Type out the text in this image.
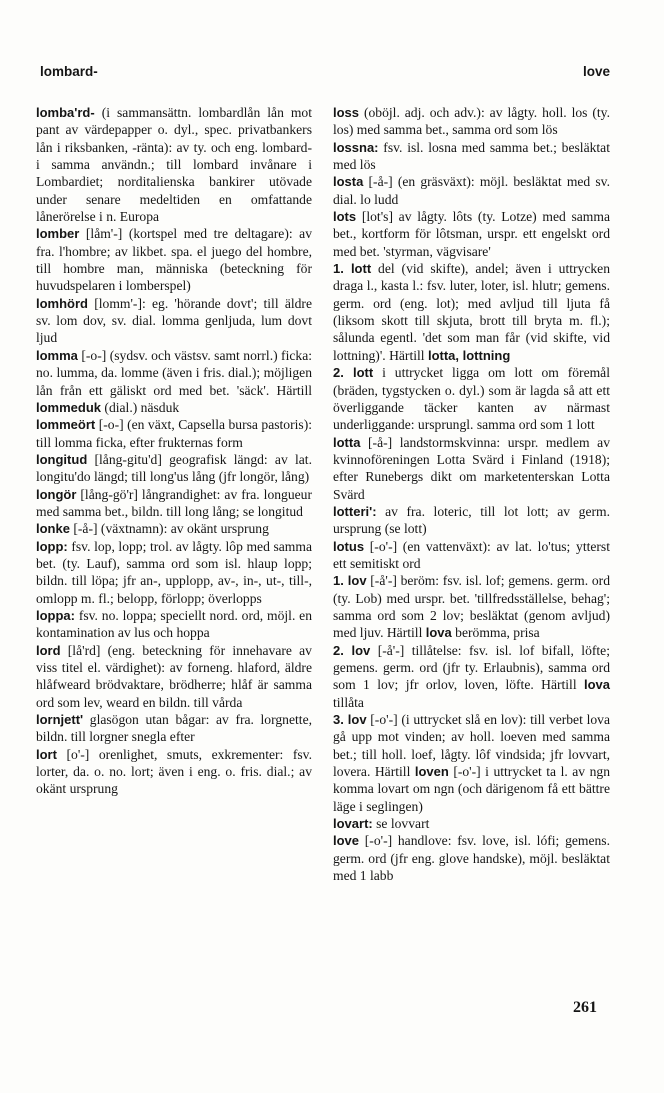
lombard-	love

lomba'rd- (i sammansättn. lombardlån lån mot pant av värdepapper o. dyl., spec. privatbankers lån i riksbanken, -ränta): av ty. och eng. lombard- i samma användn.; till lombard invånare i Lombardiet; norditalienska bankirer utövade under senare medeltiden en omfattande lånerörelse i n. Europa

lomber [låm'-] (kortspel med tre deltagare): av fra. l'hombre; av likbet. spa. el juego del hombre, till hombre man, människa (beteckning för huvudspelaren i lomberspel)

lomhörd [lomm'-]: eg. 'hörande dovt'; till äldre sv. lom dov, sv. dial. lomma genljuda, lum dovt ljud

lomma [-o-] (sydsv. och västsv. samt norrl.) ficka: no. lumma, da. lomme (även i fris. dial.); möjligen lån från ett gäliskt ord med bet. 'säck'. Härtill lommeduk (dial.) näsduk

lommeört [-o-] (en växt, Capsella bursa pastoris): till lomma ficka, efter frukternas form

longitud [lång-gitu'd] geografisk längd: av lat. longitu'do längd; till long'us lång (jfr longör, lång)

longör [lång-gö'r] långrandighet: av fra. longueur med samma bet., bildn. till long lång; se longitud

lonke [-å-] (växtnamn): av okänt ursprung

lopp: fsv. lop, lopp; trol. av lågty. lôp med samma bet. (ty. Lauf), samma ord som isl. hlaup lopp; bildn. till löpa; jfr an-, upplopp, av-, in-, ut-, till-, omlopp m. fl.; belopp, förlopp; överlopps

loppa: fsv. no. loppa; speciellt nord. ord, möjl. en kontamination av lus och hoppa

lord [lå'rd] (eng. beteckning för innehavare av viss titel el. värdighet): av forneng. hlaford, äldre hlåfweard brödvaktare, brödherre; hlåf är samma ord som lev, weard en bildn. till vårda

lornjett' glasögon utan bågar: av fra. lorgnette, bildn. till lorgner snegla efter

lort [o'-] orenlighet, smuts, exkrementer: fsv. lorter, da. o. no. lort; även i eng. o. fris. dial.; av okänt ursprung

loss (oböjl. adj. och adv.): av lågty. holl. los (ty. los) med samma bet., samma ord som lös

lossna: fsv. isl. losna med samma bet.; besläktat med lös

losta [-å-] (en gräsväxt): möjl. besläktat med sv. dial. lo ludd

lots [lot's] av lågty. lôts (ty. Lotze) med samma bet., kortform för lôtsman, urspr. ett engelskt ord med bet. 'styrman, vägvisare'

1. lott del (vid skifte), andel; även i uttrycken draga l., kasta l.: fsv. luter, loter, isl. hlutr; gemens. germ. ord (eng. lot); med avljud till ljuta få (liksom skott till skjuta, brott till bryta m. fl.); sålunda egentl. 'det som man får (vid skifte, vid lottning)'. Härtill lotta, lottning

2. lott i uttrycket ligga om lott om föremål (bräden, tygstycken o. dyl.) som är lagda så att ett överliggande täcker kanten av närmast underliggande: ursprungl. samma ord som 1 lott

lotta [-å-] landstormskvinna: urspr. medlem av kvinnoföreningen Lotta Svärd i Finland (1918); efter Runebergs dikt om marketenterskan Lotta Svärd

lotteri': av fra. loteric, till lot lott; av germ. ursprung (se lott)

lotus [-o'-] (en vattenväxt): av lat. lo'tus; ytterst ett semitiskt ord

1. lov [-å'-] beröm: fsv. isl. lof; gemens. germ. ord (ty. Lob) med urspr. bet. 'tillfredsställelse, behag'; samma ord som 2 lov; besläktat (genom avljud) med ljuv. Härtill lova berömma, prisa

2. lov [-å'-] tillåtelse: fsv. isl. lof bifall, löfte; gemens. germ. ord (jfr ty. Erlaubnis), samma ord som 1 lov; jfr orlov, loven, löfte. Härtill lova tillåta

3. lov [-o'-] (i uttrycket slå en lov): till verbet lova gå upp mot vinden; av holl. loeven med samma bet.; till holl. loef, lågty. lôf vindsida; jfr lovvart, lovera. Härtill loven [-o'-] i uttrycket ta l. av ngn komma lovart om ngn (och därigenom få ett bättre läge i seglingen)

lovart: se lovvart

love [-o'-] handlove: fsv. love, isl. lófi; gemens. germ. ord (jfr eng. glove handske), möjl. besläktat med 1 labb

261
